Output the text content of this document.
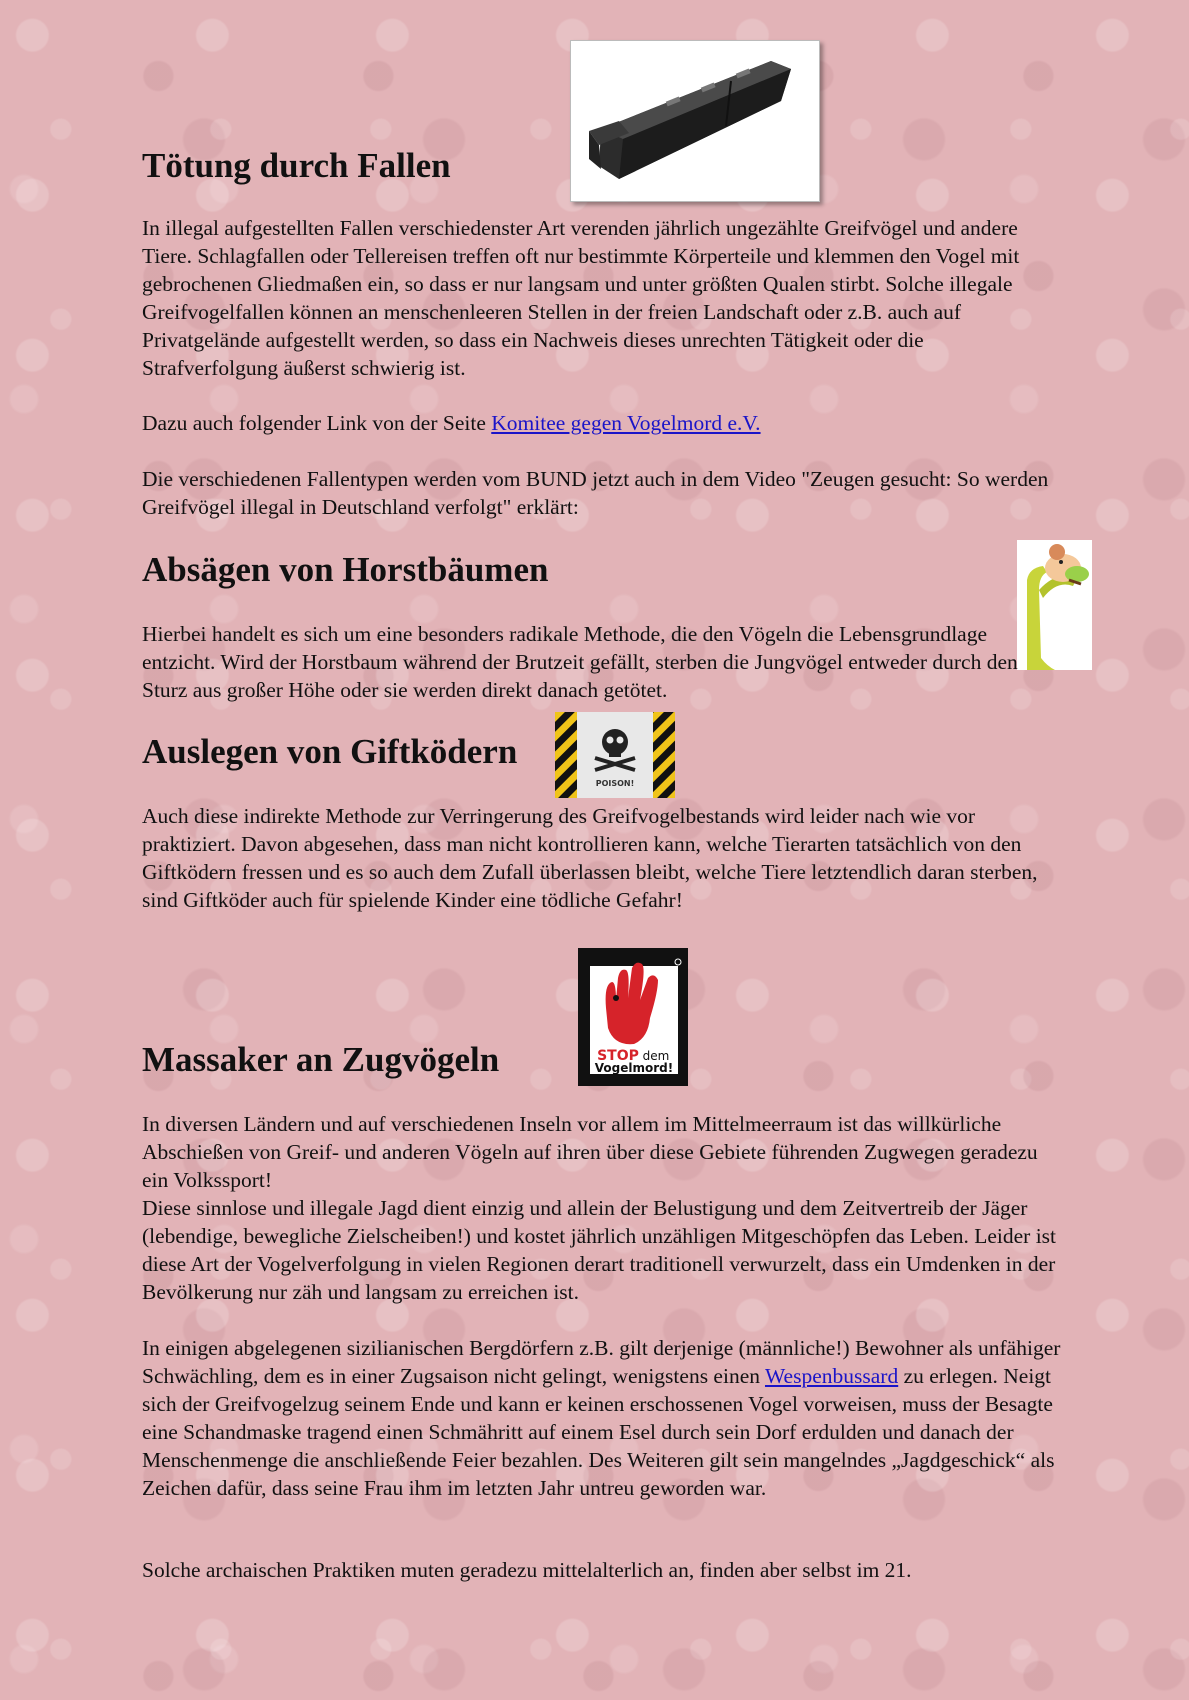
Tötung durch Fallen

In illegal aufgestellten Fallen verschiedenster Art verenden jährlich ungezählte Greifvögel und andere Tiere. Schlagfallen oder Tellereisen treffen oft nur bestimmte Körperteile und klemmen den Vogel mit gebrochenen Gliedmaßen ein, so dass er nur langsam und unter größten Qualen stirbt. Solche illegale Greifvogelfallen können an menschenleeren Stellen in der freien Landschaft oder z.B. auch auf Privatgelände aufgestellt werden, so dass ein Nachweis dieses unrechten Tätigkeit oder die Strafverfolgung äußerst schwierig ist.

Dazu auch folgender Link von der Seite Komitee gegen Vogelmord e.V.

Die verschiedenen Fallentypen werden vom BUND jetzt auch in dem Video "Zeugen gesucht: So werden Greifvögel illegal in Deutschland verfolgt" erklärt:

Absägen von Horstbäumen

Hierbei handelt es sich um eine besonders radikale Methode, die den Vögeln die Lebensgrundlage entzicht. Wird der Horstbaum während der Brutzeit gefällt, sterben die Jungvögel entweder durch den Sturz aus großer Höhe oder sie werden direkt danach getötet.

Auslegen von Giftködern
POISON!

Auch diese indirekte Methode zur Verringerung des Greifvogelbestands wird leider nach wie vor praktiziert. Davon abgesehen, dass man nicht kontrollieren kann, welche Tierarten tatsächlich von den Giftködern fressen und es so auch dem Zufall überlassen bleibt, welche Tiere letztendlich daran sterben, sind Giftköder auch für spielende Kinder eine tödliche Gefahr!

STOP dem
Vogelmord!
Massaker an Zugvögeln

In diversen Ländern und auf verschiedenen Inseln vor allem im Mittelmeerraum ist das willkürliche Abschießen von Greif- und anderen Vögeln auf ihren über diese Gebiete führenden Zugwegen geradezu ein Volkssport!
Diese sinnlose und illegale Jagd dient einzig und allein der Belustigung und dem Zeitvertreib der Jäger (lebendige, bewegliche Zielscheiben!) und kostet jährlich unzähligen Mitgeschöpfen das Leben. Leider ist diese Art der Vogelverfolgung in vielen Regionen derart traditionell verwurzelt, dass ein Umdenken in der Bevölkerung nur zäh und langsam zu erreichen ist.

In einigen abgelegenen sizilianischen Bergdörfern z.B. gilt derjenige (männliche!) Bewohner als unfähiger Schwächling, dem es in einer Zugsaison nicht gelingt, wenigstens einen Wespenbussard zu erlegen. Neigt sich der Greifvogelzug seinem Ende und kann er keinen erschossenen Vogel vorweisen, muss der Besagte eine Schandmaske tragend einen Schmähritt auf einem Esel durch sein Dorf erdulden und danach der Menschenmenge die anschließende Feier bezahlen. Des Weiteren gilt sein mangelndes „Jagdgeschick“ als Zeichen dafür, dass seine Frau ihm im letzten Jahr untreu geworden war.

Solche archaischen Praktiken muten geradezu mittelalterlich an, finden aber selbst im 21.
